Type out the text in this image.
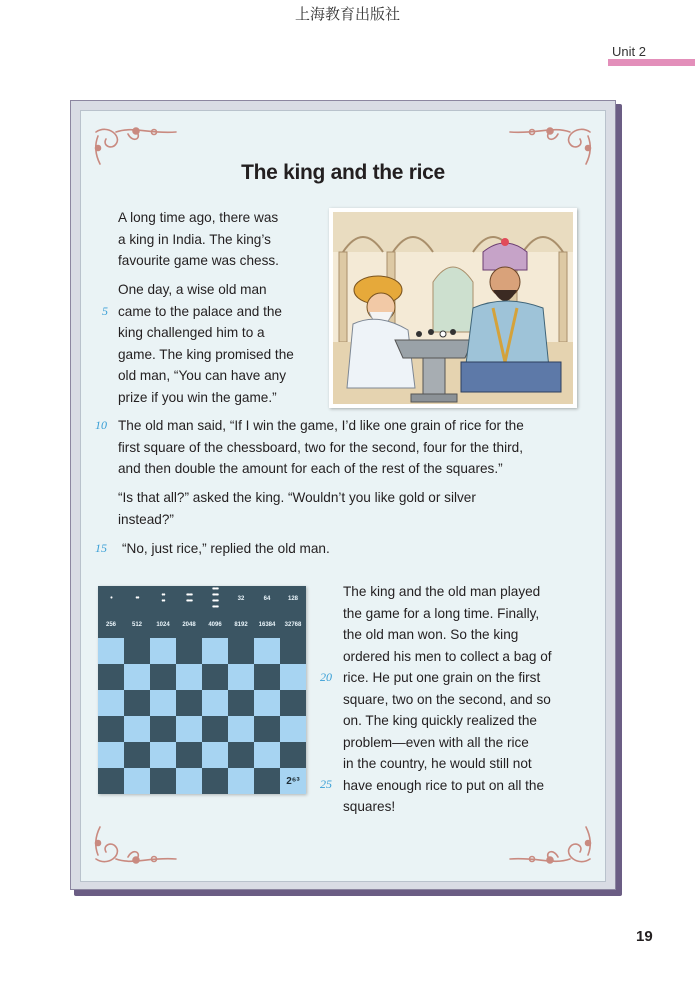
上海教育出版社
Unit 2
The king and the rice
A long time ago, there was
a king in India. The king’s
favourite game was chess.
One day, a wise old man
came to the palace and the
king challenged him to a
game. The king promised the
old man, “You can have any
prize if you win the game.”
The old man said, “If I win the game, I’d like one grain of rice for the
first square of the chessboard, two for the second, four for the third,
and then double the amount for each of the rest of the squares.”
“Is that all?” asked the king. “Wouldn’t you like gold or silver
instead?”
“No, just rice,” replied the old man.
The king and the old man played
the game for a long time. Finally,
the old man won. So the king
ordered his men to collect a bag of
rice. He put one grain on the first
square, two on the second, and so
on. The king quickly realized the
problem—even with all the rice
in the country, he would still not
have enough rice to put on all the
squares!
5
10
15
20
25
•	••	••
••
••••
••••
••••
••••
••••
••••
32	64	128
256	512	1024	2048	4096	8192	16384	32768
2⁶³
19
